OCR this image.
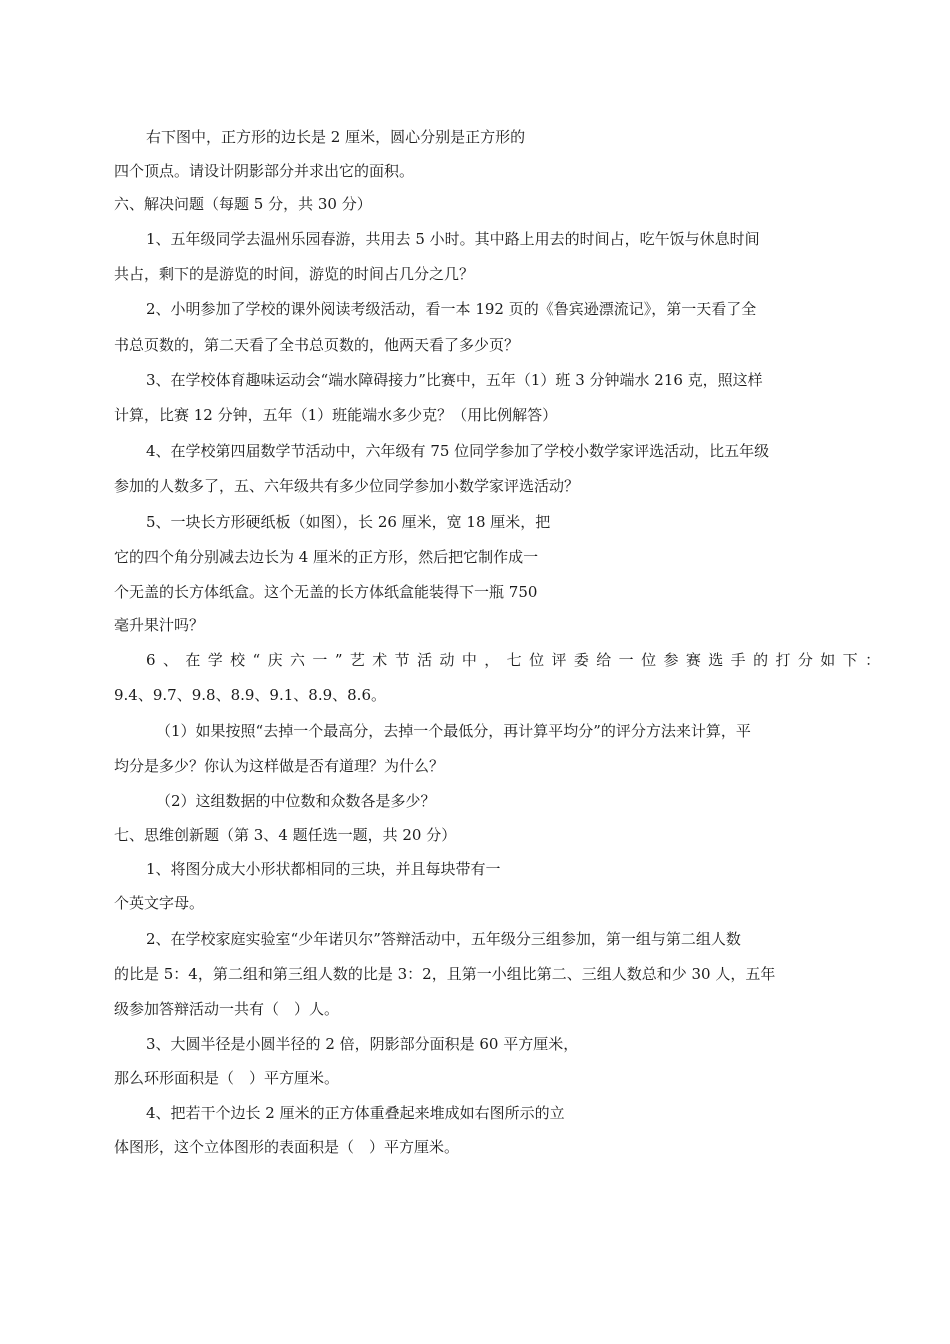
右下图中，正方形的边长是 2 厘米，圆心分别是正方形的
四个顶点。请设计阴影部分并求出它的面积。
六、解决问题（每题 5 分，共 30 分）
1、五年级同学去温州乐园春游，共用去 5 小时。其中路上用去的时间占，吃午饭与休息时间
共占，剩下的是游览的时间，游览的时间占几分之几？
2、小明参加了学校的课外阅读考级活动，看一本 192 页的《鲁宾逊漂流记》，第一天看了全
书总页数的，第二天看了全书总页数的，他两天看了多少页？
3、在学校体育趣味运动会“端水障碍接力”比赛中，五年（1）班 3 分钟端水 216 克，照这样
计算，比赛 12 分钟，五年（1）班能端水多少克？（用比例解答）
4、在学校第四届数学节活动中，六年级有 75 位同学参加了学校小数学家评选活动，比五年级
参加的人数多了，五、六年级共有多少位同学参加小数学家评选活动？
5、一块长方形硬纸板（如图），长 26 厘米，宽 18 厘米，把
它的四个角分别减去边长为 4 厘米的正方形，然后把它制作成一
个无盖的长方体纸盒。这个无盖的长方体纸盒能装得下一瓶 750
毫升果汁吗？
6、在学校“庆六一”艺术节活动中，七位评委给一位参赛选手的打分如下：
9.4、9.7、9.8、8.9、9.1、8.9、8.6。
（1）如果按照“去掉一个最高分，去掉一个最低分，再计算平均分”的评分方法来计算，平
均分是多少？你认为这样做是否有道理？为什么？
（2）这组数据的中位数和众数各是多少？
七、思维创新题（第 3、4 题任选一题，共 20 分）
1、将图分成大小形状都相同的三块，并且每块带有一
个英文字母。
2、在学校家庭实验室“少年诺贝尔”答辩活动中，五年级分三组参加，第一组与第二组人数
的比是 5：4，第二组和第三组人数的比是 3：2，且第一小组比第二、三组人数总和少 30 人，五年
级参加答辩活动一共有（　）人。
3、大圆半径是小圆半径的 2 倍，阴影部分面积是 60 平方厘米，
那么环形面积是（　）平方厘米。
4、把若干个边长 2 厘米的正方体重叠起来堆成如右图所示的立
体图形，这个立体图形的表面积是（　）平方厘米。
